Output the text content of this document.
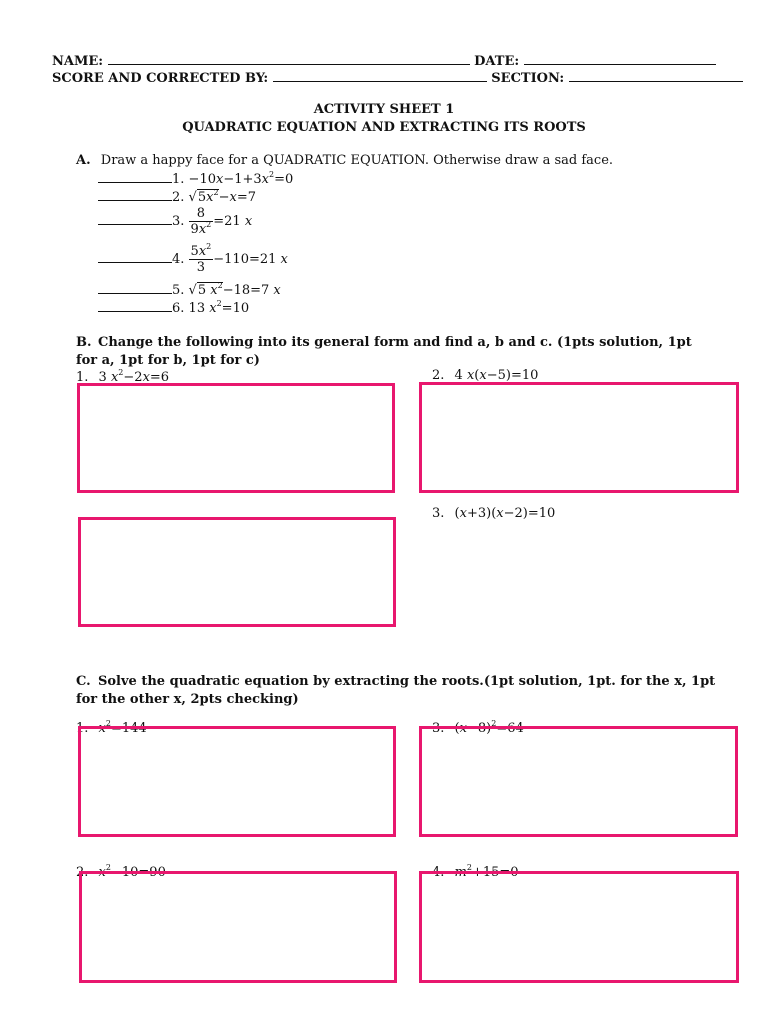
NAME:	DATE:
SCORE AND CORRECTED BY:	SECTION:
ACTIVITY SHEET 1
QUADRATIC EQUATION AND EXTRACTING ITS ROOTS
A. Draw a happy face for a QUADRATIC EQUATION. Otherwise draw a sad face.
1. $-10x-1+3x^2=0$
2. $√5x^2-x=7$
3. $\frac{8}{9x^2} =21$ x
4. $\frac{5x^2}{3} -110=21$ x
5. √5 $x^2-18=7$ x
6. 13 $x^2=10$
B. Change the following into its general form and find a, b and c. (1pts solution, 1pt for a, 1pt for b, 1pt for c)
1. 3 $x^2-2x=6$	2. 4 x(x−5)=10
3. (x+3)(x−2)=10
C. Solve the quadratic equation by extracting the roots.(1pt solution, 1pt. for the x, 1pt for the other x, 2pts checking)
1. $x^2=144$	3. $(x-8)^2=64$
2. $x^2-10=90$	4. $m^2+15=0$
